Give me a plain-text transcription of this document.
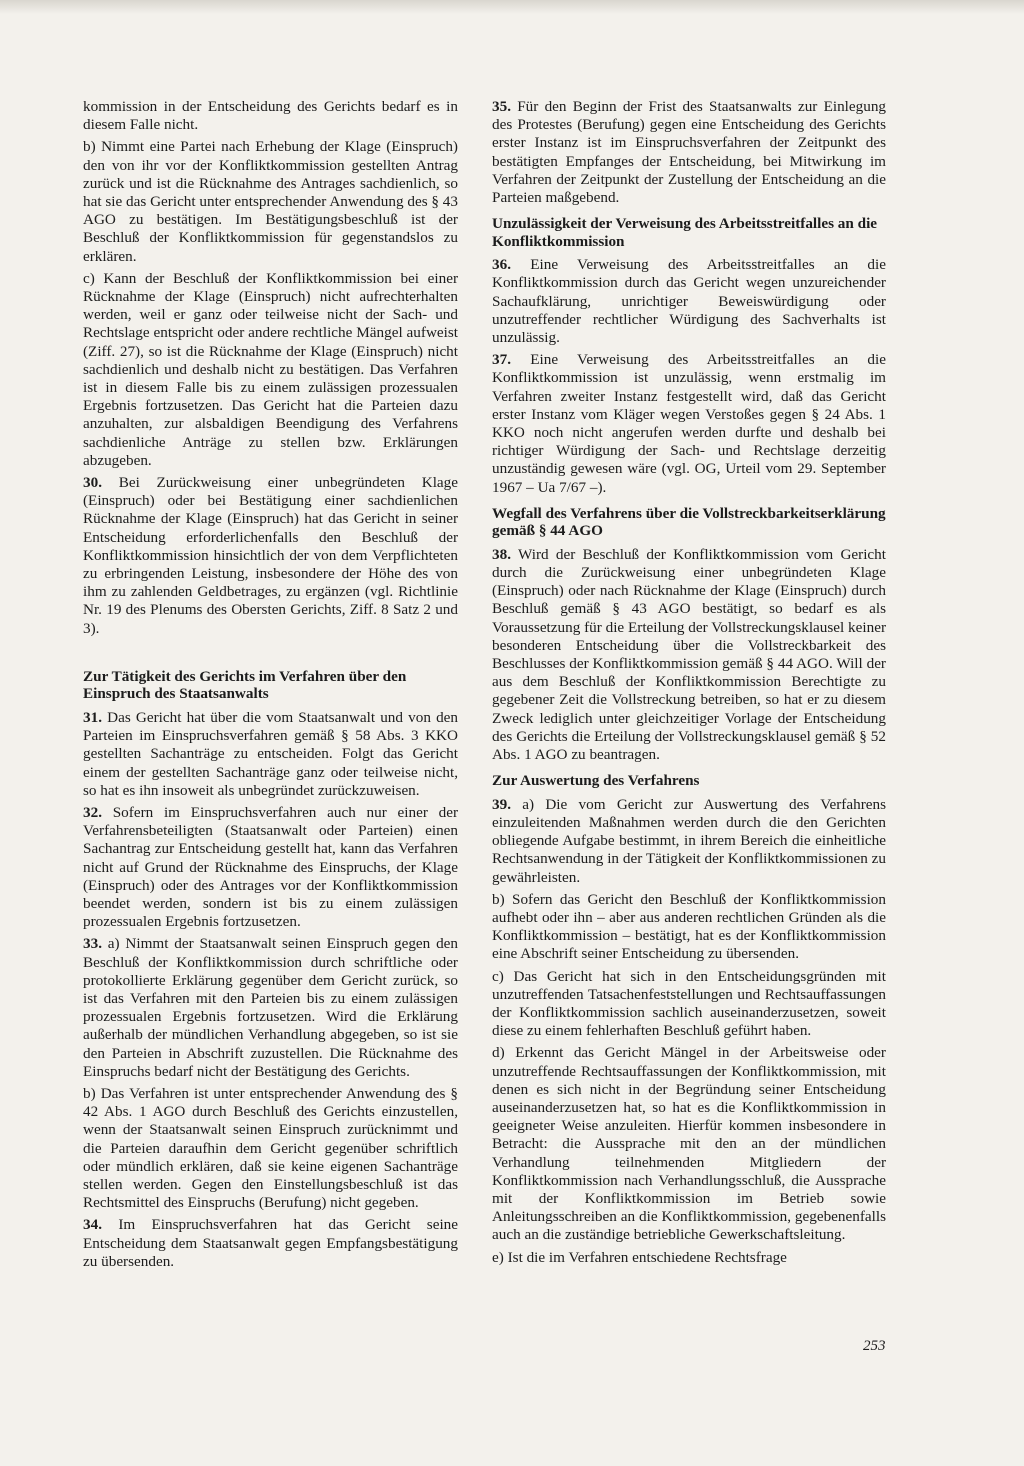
kommission in der Entscheidung des Gerichts bedarf es in diesem Falle nicht.

b) Nimmt eine Partei nach Erhebung der Klage (Einspruch) den von ihr vor der Konfliktkommission gestellten Antrag zurück und ist die Rücknahme des Antrages sachdienlich, so hat sie das Gericht unter entsprechender Anwendung des § 43 AGO zu bestätigen. Im Bestätigungsbeschluß ist der Beschluß der Konfliktkommission für gegenstandslos zu erklären.

c) Kann der Beschluß der Konfliktkommission bei einer Rücknahme der Klage (Einspruch) nicht aufrechterhalten werden, weil er ganz oder teilweise nicht der Sach- und Rechtslage entspricht oder andere rechtliche Mängel aufweist (Ziff. 27), so ist die Rücknahme der Klage (Einspruch) nicht sachdienlich und deshalb nicht zu bestätigen. Das Verfahren ist in diesem Falle bis zu einem zulässigen prozessualen Ergebnis fortzusetzen. Das Gericht hat die Parteien dazu anzuhalten, zur alsbaldigen Beendigung des Verfahrens sachdienliche Anträge zu stellen bzw. Erklärungen abzugeben.

30. Bei Zurückweisung einer unbegründeten Klage (Einspruch) oder bei Bestätigung einer sachdienlichen Rücknahme der Klage (Einspruch) hat das Gericht in seiner Entscheidung erforderlichenfalls den Beschluß der Konfliktkommission hinsichtlich der von dem Verpflichteten zu erbringenden Leistung, insbesondere der Höhe des von ihm zu zahlenden Geldbetrages, zu ergänzen (vgl. Richtlinie Nr. 19 des Plenums des Obersten Gerichts, Ziff. 8 Satz 2 und 3).

Zur Tätigkeit des Gerichts im Verfahren über den Einspruch des Staatsanwalts

31. Das Gericht hat über die vom Staatsanwalt und von den Parteien im Einspruchsverfahren gemäß § 58 Abs. 3 KKO gestellten Sachanträge zu entscheiden. Folgt das Gericht einem der gestellten Sachanträge ganz oder teilweise nicht, so hat es ihn insoweit als unbegründet zurückzuweisen.

32. Sofern im Einspruchsverfahren auch nur einer der Verfahrensbeteiligten (Staatsanwalt oder Parteien) einen Sachantrag zur Entscheidung gestellt hat, kann das Verfahren nicht auf Grund der Rücknahme des Einspruchs, der Klage (Einspruch) oder des Antrages vor der Konfliktkommission beendet werden, sondern ist bis zu einem zulässigen prozessualen Ergebnis fortzusetzen.

33. a) Nimmt der Staatsanwalt seinen Einspruch gegen den Beschluß der Konfliktkommission durch schriftliche oder protokollierte Erklärung gegenüber dem Gericht zurück, so ist das Verfahren mit den Parteien bis zu einem zulässigen prozessualen Ergebnis fortzusetzen. Wird die Erklärung außerhalb der mündlichen Verhandlung abgegeben, so ist sie den Parteien in Abschrift zuzustellen. Die Rücknahme des Einspruchs bedarf nicht der Bestätigung des Gerichts.

b) Das Verfahren ist unter entsprechender Anwendung des § 42 Abs. 1 AGO durch Beschluß des Gerichts einzustellen, wenn der Staatsanwalt seinen Einspruch zurücknimmt und die Parteien daraufhin dem Gericht gegenüber schriftlich oder mündlich erklären, daß sie keine eigenen Sachanträge stellen werden. Gegen den Einstellungsbeschluß ist das Rechtsmittel des Einspruchs (Berufung) nicht gegeben.

34. Im Einspruchsverfahren hat das Gericht seine Entscheidung dem Staatsanwalt gegen Empfangsbestätigung zu übersenden.

35. Für den Beginn der Frist des Staatsanwalts zur Einlegung des Protestes (Berufung) gegen eine Entscheidung des Gerichts erster Instanz ist im Einspruchsverfahren der Zeitpunkt des bestätigten Empfanges der Entscheidung, bei Mitwirkung im Verfahren der Zeitpunkt der Zustellung der Entscheidung an die Parteien maßgebend.

Unzulässigkeit der Verweisung des Arbeitsstreitfalles an die Konfliktkommission

36. Eine Verweisung des Arbeitsstreitfalles an die Konfliktkommission durch das Gericht wegen unzureichender Sachaufklärung, unrichtiger Beweiswürdigung oder unzutreffender rechtlicher Würdigung des Sachverhalts ist unzulässig.

37. Eine Verweisung des Arbeitsstreitfalles an die Konfliktkommission ist unzulässig, wenn erstmalig im Verfahren zweiter Instanz festgestellt wird, daß das Gericht erster Instanz vom Kläger wegen Verstoßes gegen § 24 Abs. 1 KKO noch nicht angerufen werden durfte und deshalb bei richtiger Würdigung der Sach- und Rechtslage derzeitig unzuständig gewesen wäre (vgl. OG, Urteil vom 29. September 1967 – Ua 7/67 –).

Wegfall des Verfahrens über die Vollstreckbarkeitserklärung gemäß § 44 AGO

38. Wird der Beschluß der Konfliktkommission vom Gericht durch die Zurückweisung einer unbegründeten Klage (Einspruch) oder nach Rücknahme der Klage (Einspruch) durch Beschluß gemäß § 43 AGO bestätigt, so bedarf es als Voraussetzung für die Erteilung der Vollstreckungsklausel keiner besonderen Entscheidung über die Vollstreckbarkeit des Beschlusses der Konfliktkommission gemäß § 44 AGO. Will der aus dem Beschluß der Konfliktkommission Berechtigte zu gegebener Zeit die Vollstreckung betreiben, so hat er zu diesem Zweck lediglich unter gleichzeitiger Vorlage der Entscheidung des Gerichts die Erteilung der Vollstreckungsklausel gemäß § 52 Abs. 1 AGO zu beantragen.

Zur Auswertung des Verfahrens

39. a) Die vom Gericht zur Auswertung des Verfahrens einzuleitenden Maßnahmen werden durch die den Gerichten obliegende Aufgabe bestimmt, in ihrem Bereich die einheitliche Rechtsanwendung in der Tätigkeit der Konfliktkommissionen zu gewährleisten.

b) Sofern das Gericht den Beschluß der Konfliktkommission aufhebt oder ihn – aber aus anderen rechtlichen Gründen als die Konfliktkommission – bestätigt, hat es der Konfliktkommission eine Abschrift seiner Entscheidung zu übersenden.

c) Das Gericht hat sich in den Entscheidungsgründen mit unzutreffenden Tatsachenfeststellungen und Rechtsauffassungen der Konfliktkommission sachlich auseinanderzusetzen, soweit diese zu einem fehlerhaften Beschluß geführt haben.

d) Erkennt das Gericht Mängel in der Arbeitsweise oder unzutreffende Rechtsauffassungen der Konfliktkommission, mit denen es sich nicht in der Begründung seiner Entscheidung auseinanderzusetzen hat, so hat es die Konfliktkommission in geeigneter Weise anzuleiten. Hierfür kommen insbesondere in Betracht: die Aussprache mit den an der mündlichen Verhandlung teilnehmenden Mitgliedern der Konfliktkommission nach Verhandlungsschluß, die Aussprache mit der Konfliktkommission im Betrieb sowie Anleitungsschreiben an die Konfliktkommission, gegebenenfalls auch an die zuständige betriebliche Gewerkschaftsleitung.

e) Ist die im Verfahren entschiedene Rechtsfrage

253
